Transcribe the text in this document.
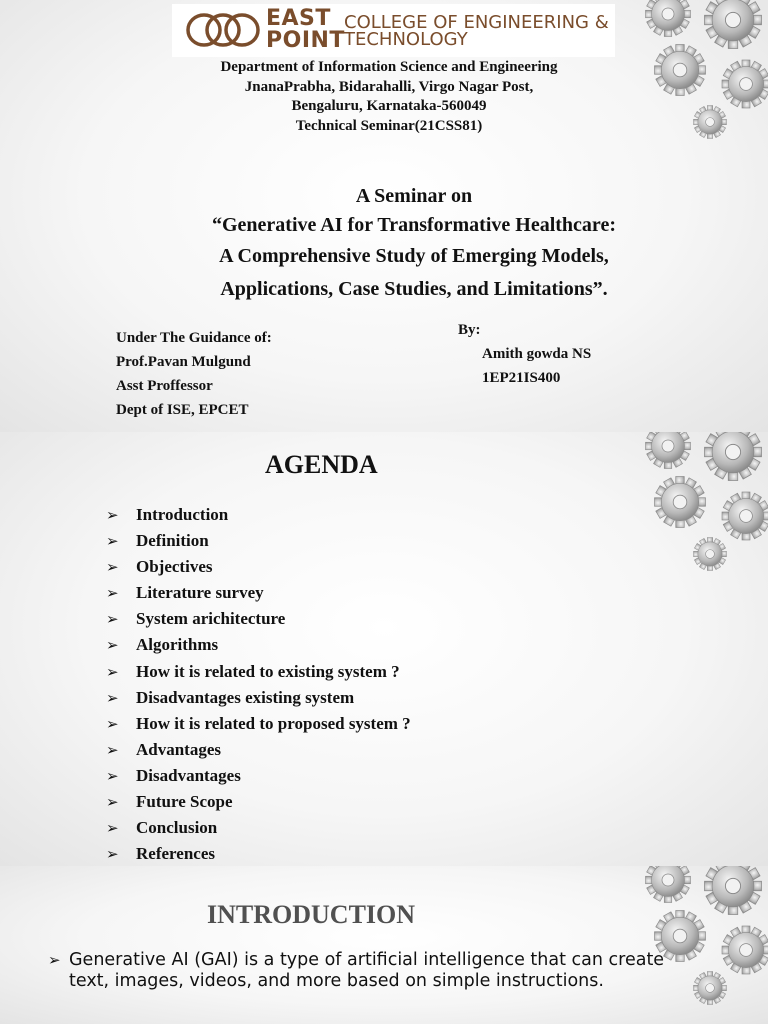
EAST
POINT
COLLEGE OF ENGINEERING &
TECHNOLOGY
Department of Information Science and Engineering
JnanaPrabha, Bidarahalli, Virgo Nagar Post,
Bengaluru, Karnataka-560049
Technical Seminar(21CSS81)
A Seminar on
“Generative AI for Transformative Healthcare:
A Comprehensive Study of Emerging Models,
Applications, Case Studies, and Limitations”.
Under The Guidance of:
Prof.Pavan Mulgund
Asst Proffessor
Dept of ISE, EPCET
By:
Amith gowda NS
1EP21IS400
AGENDA
➢ Introduction
➢ Definition
➢ Objectives
➢ Literature survey
➢ System arichitecture
➢ Algorithms
➢ How it is related to existing system ?
➢ Disadvantages existing system
➢ How it is related to proposed system ?
➢ Advantages
➢ Disadvantages
➢ Future Scope
➢ Conclusion
➢ References
INTRODUCTION
➢ Generative AI (GAI) is a type of artificial intelligence that can create text, images, videos, and more based on simple instructions.
